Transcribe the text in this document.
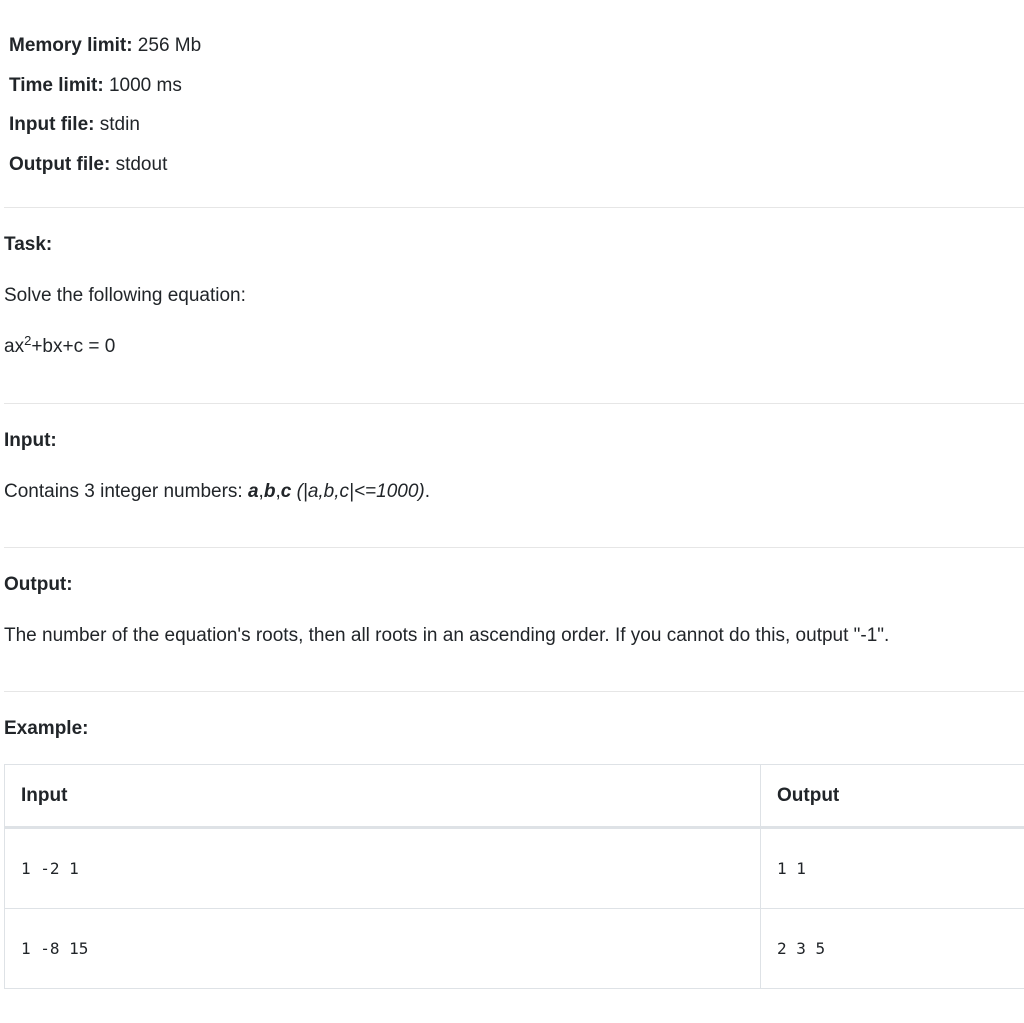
Memory limit: 256 Mb
Time limit: 1000 ms
Input file: stdin
Output file: stdout
Task:
Solve the following equation:
$ax^2+bx+c = 0$
Input:
Contains 3 integer numbers: a,b,c (|a,b,c|<=1000).
Output:
The number of the equation's roots, then all roots in an ascending order. If you cannot do this, output "-1".
Example:
Input	Output
1 -2 1	1 1
1 -8 15	2 3 5
